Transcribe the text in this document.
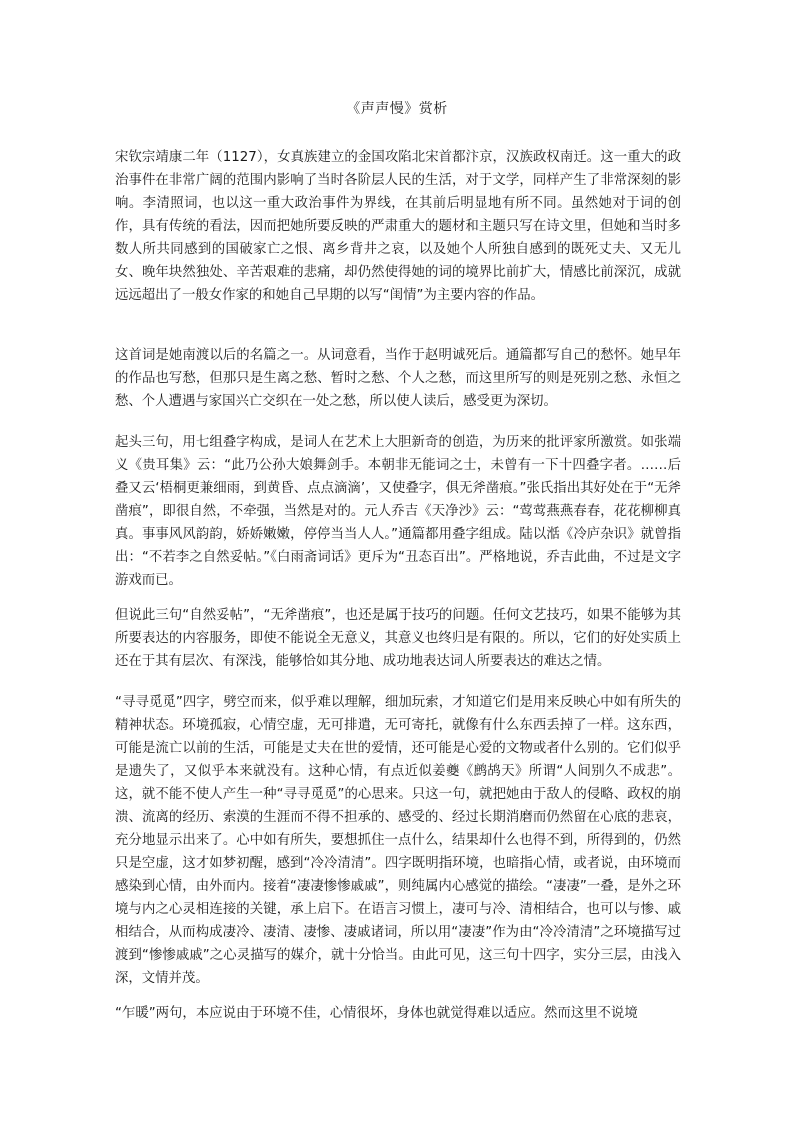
《声声慢》赏析

宋钦宗靖康二年（1127），女真族建立的金国攻陷北宋首都汴京，汉族政权南迁。这一重大的政治事件在非常广阔的范围内影响了当时各阶层人民的生活，对于文学，同样产生了非常深刻的影响。李清照词，也以这一重大政治事件为界线，在其前后明显地有所不同。虽然她对于词的创作，具有传统的看法，因而把她所要反映的严肃重大的题材和主题只写在诗文里，但她和当时多数人所共同感到的国破家亡之恨、离乡背井之哀，以及她个人所独自感到的既死丈夫、又无儿女、晚年块然独处、辛苦艰难的悲痛，却仍然使得她的词的境界比前扩大，情感比前深沉，成就远远超出了一般女作家的和她自己早期的以写“闺情”为主要内容的作品。

这首词是她南渡以后的名篇之一。从词意看，当作于赵明诚死后。通篇都写自己的愁怀。她早年的作品也写愁，但那只是生离之愁、暂时之愁、个人之愁，而这里所写的则是死别之愁、永恒之愁、个人遭遇与家国兴亡交织在一处之愁，所以使人读后，感受更为深切。

起头三句，用七组叠字构成，是词人在艺术上大胆新奇的创造，为历来的批评家所激赏。如张端义《贵耳集》云：“此乃公孙大娘舞剑手。本朝非无能词之士，未曾有一下十四叠字者。……后叠又云‘梧桐更兼细雨，到黄昏、点点滴滴’，又使叠字，俱无斧凿痕。”张氏指出其好处在于“无斧凿痕”，即很自然，不牵强，当然是对的。元人乔吉《天净沙》云：“莺莺燕燕春春，花花柳柳真真。事事风风韵韵，娇娇嫩嫩，停停当当人人。”通篇都用叠字组成。陆以湉《冷庐杂识》就曾指出：“不若李之自然妥帖。”《白雨斋词话》更斥为“丑态百出”。严格地说，乔吉此曲，不过是文字游戏而已。

但说此三句“自然妥帖”，“无斧凿痕”，也还是属于技巧的问题。任何文艺技巧，如果不能够为其所要表达的内容服务，即使不能说全无意义，其意义也终归是有限的。所以，它们的好处实质上还在于其有层次、有深浅，能够恰如其分地、成功地表达词人所要表达的难达之情。

“寻寻觅觅”四字，劈空而来，似乎难以理解，细加玩索，才知道它们是用来反映心中如有所失的精神状态。环境孤寂，心情空虚，无可排遣，无可寄托，就像有什么东西丢掉了一样。这东西，可能是流亡以前的生活，可能是丈夫在世的爱情，还可能是心爱的文物或者什么别的。它们似乎是遗失了，又似乎本来就没有。这种心情，有点近似姜夔《鹧鸪天》所谓“人间别久不成悲”。这，就不能不使人产生一种“寻寻觅觅”的心思来。只这一句，就把她由于敌人的侵略、政权的崩溃、流离的经历、索漠的生涯而不得不担承的、感受的、经过长期消磨而仍然留在心底的悲哀，充分地显示出来了。心中如有所失，要想抓住一点什么，结果却什么也得不到，所得到的，仍然只是空虚，这才如梦初醒，感到“冷冷清清”。四字既明指环境，也暗指心情，或者说，由环境而感染到心情，由外而内。接着“凄凄惨惨戚戚”，则纯属内心感觉的描绘。“凄凄”一叠，是外之环境与内之心灵相连接的关键，承上启下。在语言习惯上，凄可与冷、清相结合，也可以与惨、戚相结合，从而构成凄冷、凄清、凄惨、凄戚诸词，所以用“凄凄”作为由“冷冷清清”之环境描写过渡到“惨惨戚戚”之心灵描写的媒介，就十分恰当。由此可见，这三句十四字，实分三层，由浅入深，文情并茂。

“乍暖”两句，本应说由于环境不佳，心情很坏，身体也就觉得难以适应。然而这里不说境
